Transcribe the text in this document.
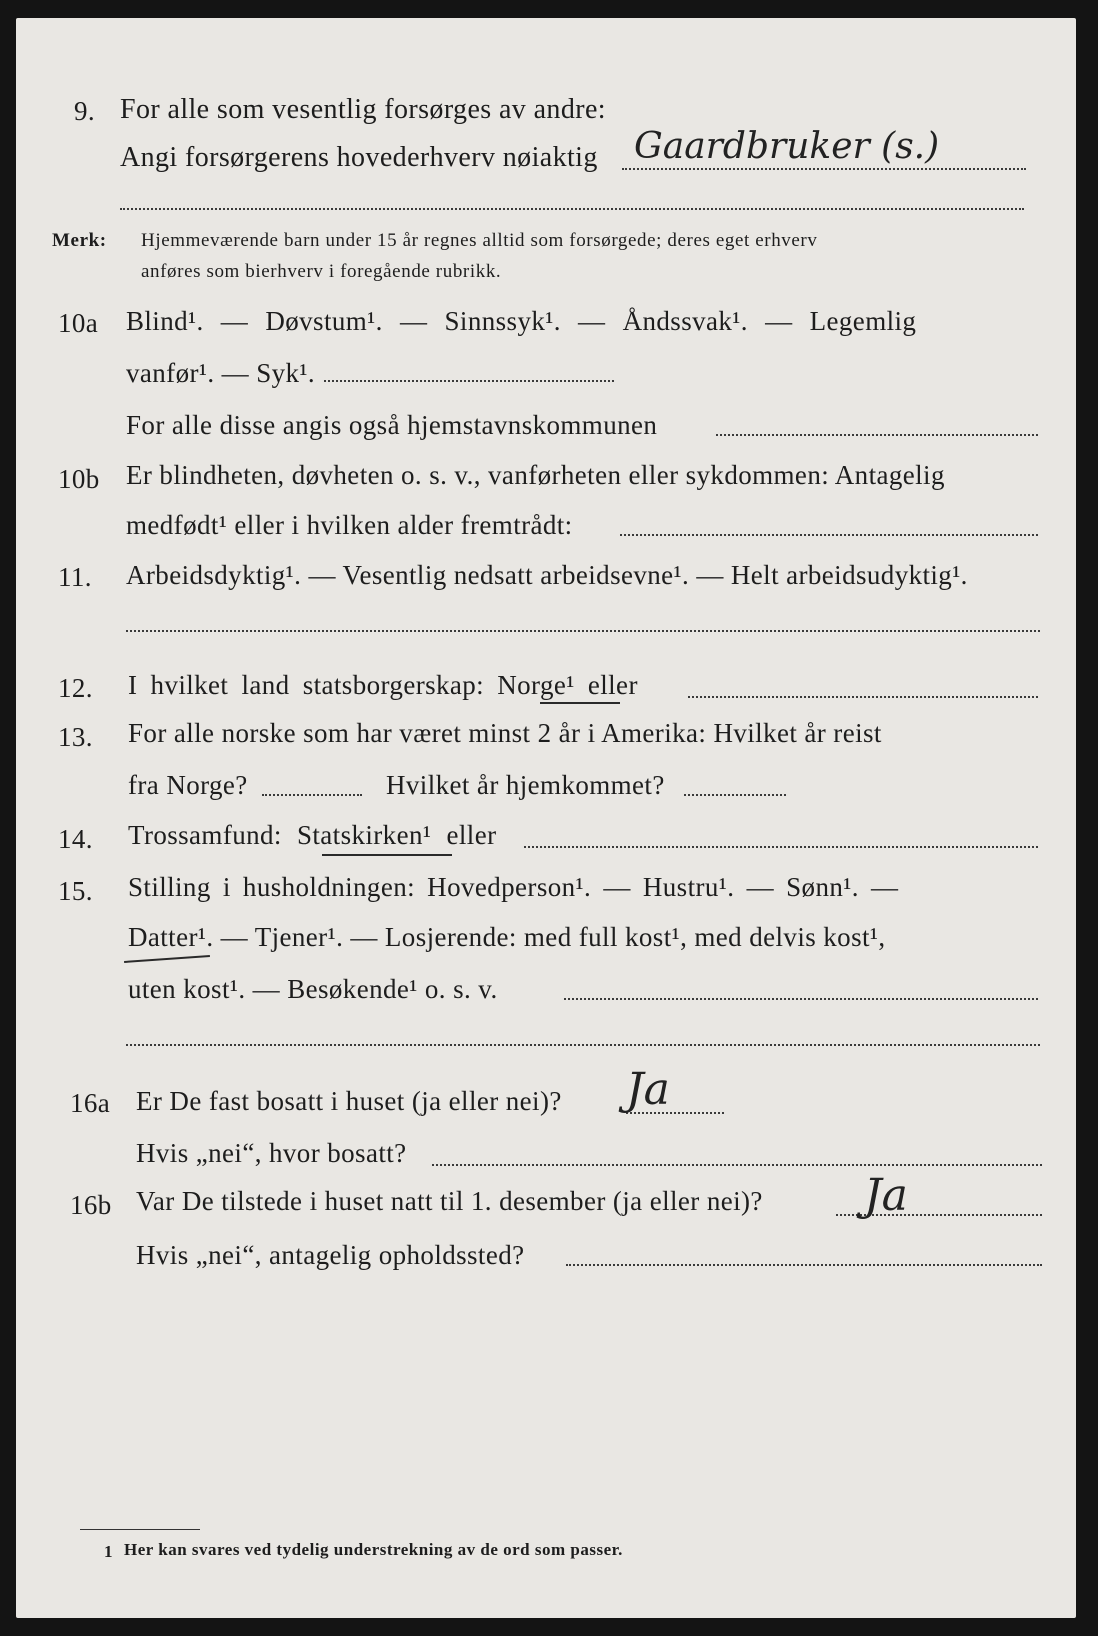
9. For alle som vesentlig forsørges av andre:
Angi forsørgerens hovederhverv nøiaktig Gaardbruker (s.)
Merk: Hjemmeværende barn under 15 år regnes alltid som forsørgede; deres eget erhverv
anføres som bierhverv i foregående rubrikk.
10a Blind¹. — Døvstum¹. — Sinnssyk¹. — Åndssvak¹. — Legemlig
vanfør¹. — Syk¹.
For alle disse angis også hjemstavnskommunen
10b Er blindheten, døvheten o. s. v., vanførheten eller sykdommen: Antagelig
medfødt¹ eller i hvilken alder fremtrådt:
11. Arbeidsdyktig¹. — Vesentlig nedsatt arbeidsevne¹. — Helt arbeidsudyktig¹.
12. I hvilket land statsborgerskap: Norge¹ eller
13. For alle norske som har været minst 2 år i Amerika: Hvilket år reist
fra Norge?	Hvilket år hjemkommet?
14. Trossamfund: Statskirken¹ eller
15. Stilling i husholdningen: Hovedperson¹. — Hustru¹. — Sønn¹. —
Datter¹. — Tjener¹. — Losjerende: med full kost¹, med delvis kost¹,
uten kost¹. — Besøkende¹ o. s. v.
16a Er De fast bosatt i huset (ja eller nei)? Ja
Hvis „nei“, hvor bosatt?
16b Var De tilstede i huset natt til 1. desember (ja eller nei)? Ja
Hvis „nei“, antagelig opholdssted?
1 Her kan svares ved tydelig understrekning av de ord som passer.
